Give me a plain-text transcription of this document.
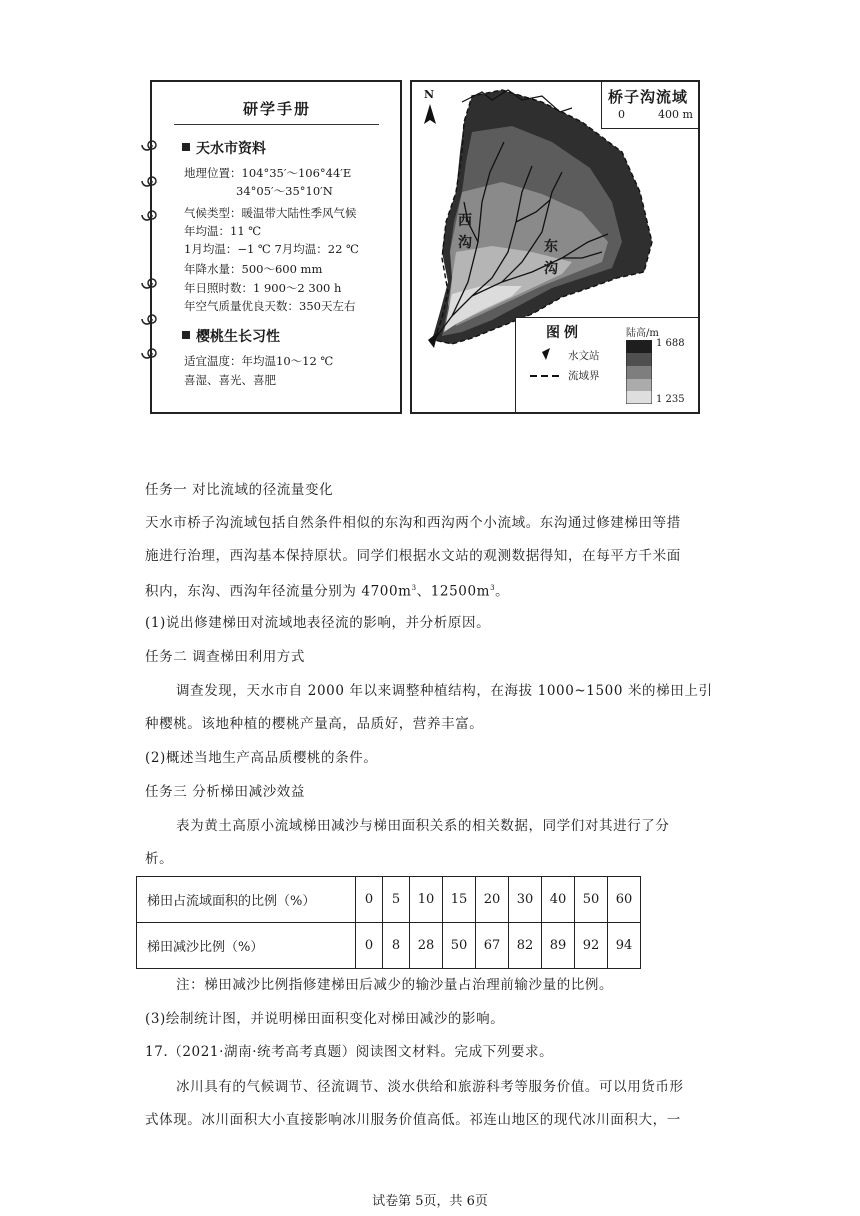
研学手册
天水市资料
地理位置：104°35′～106°44′E
34°05′～35°10′N
气候类型：暖温带大陆性季风气候
年均温：11 ℃
1月均温：−1 ℃ 7月均温：22 ℃
年降水量：500～600 mm
年日照时数：1 900～2 300 h
年空气质量优良天数：350天左右
樱桃生长习性
适宜温度：年均温10～12 ℃
喜湿、喜光、喜肥
N	桥子沟流域
0	400 m
西
沟	东
沟
图例	陆高/m
水文站
流域界
1 688
1 235
任务一 对比流域的径流量变化
天水市桥子沟流域包括自然条件相似的东沟和西沟两个小流域。东沟通过修建梯田等措
施进行治理，西沟基本保持原状。同学们根据水文站的观测数据得知，在每平方千米面
积内，东沟、西沟年径流量分别为 $4700m^3$、$12500m^3$。
(1)说出修建梯田对流域地表径流的影响，并分析原因。
任务二 调查梯田利用方式
调查发现，天水市自 2000 年以来调整种植结构，在海拔 1000~1500 米的梯田上引
种樱桃。该地种植的樱桃产量高，品质好，营养丰富。
(2)概述当地生产高品质樱桃的条件。
任务三 分析梯田减沙效益
表为黄土高原小流域梯田减沙与梯田面积关系的相关数据，同学们对其进行了分
析。
梯田占流域面积的比例（%）	0	5	10	15	20	30	40	50	60
梯田减沙比例（%）	0	8	28	50	67	82	89	92	94
注：梯田减沙比例指修建梯田后减少的输沙量占治理前输沙量的比例。
(3)绘制统计图，并说明梯田面积变化对梯田减沙的影响。
17.（2021·湖南·统考高考真题）阅读图文材料。完成下列要求。
冰川具有的气候调节、径流调节、淡水供给和旅游科考等服务价值。可以用货币形
式体现。冰川面积大小直接影响冰川服务价值高低。祁连山地区的现代冰川面积大，一
试卷第 5页，共 6页
